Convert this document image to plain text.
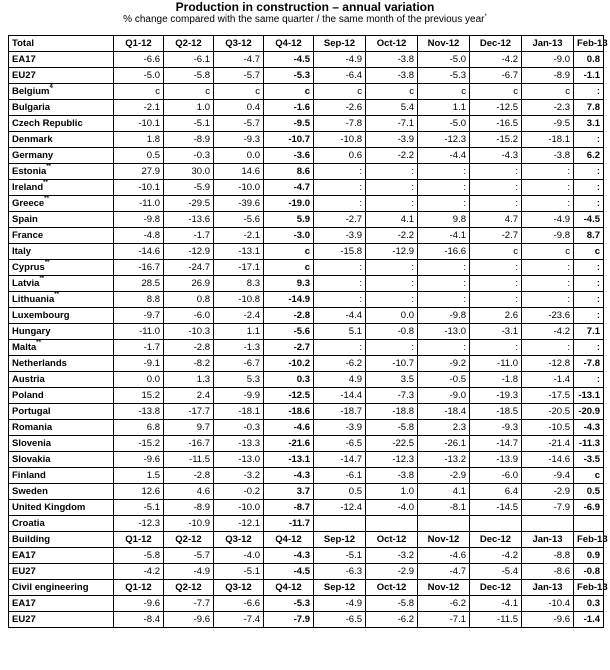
Production in construction – annual variation
% change compared with the same quarter / the same month of the previous year*
Total	Q1-12	Q2-12	Q3-12	Q4-12	Sep-12	Oct-12	Nov-12	Dec-12	Jan-13	Feb-13
EA17	-6.6	-6.1	-4.7	-4.5	-4.9	-3.8	-5.0	-4.2	-9.0	0.8
EU27	-5.0	-5.8	-5.7	-5.3	-6.4	-3.8	-5.3	-6.7	-8.9	-1.1
Belgium$^4$	c	c	c	c	c	c	c	c	c	:
Bulgaria	-2.1	1.0	0.4	-1.6	-2.6	5.4	1.1	-12.5	-2.3	7.8
Czech Republic	-10.1	-5.1	-5.7	-9.5	-7.8	-7.1	-5.0	-16.5	-9.5	3.1
Denmark	1.8	-8.9	-9.3	-10.7	-10.8	-3.9	-12.3	-15.2	-18.1	:
Germany	0.5	-0.3	0.0	-3.6	0.6	-2.2	-4.4	-4.3	-3.8	6.2
Estonia**	27.9	30.0	14.6	8.6	:	:	:	:	:	:
Ireland**	-10.1	-5.9	-10.0	-4.7	:	:	:	:	:	:
Greece**	-11.0	-29.5	-39.6	-19.0	:	:	:	:	:	:
Spain	-9.8	-13.6	-5.6	5.9	-2.7	4.1	9.8	4.7	-4.9	-4.5
France	-4.8	-1.7	-2.1	-3.0	-3.9	-2.2	-4.1	-2.7	-9.8	8.7
Italy	-14.6	-12.9	-13.1	c	-15.8	-12.9	-16.6	c	c	c
Cyprus**	-16.7	-24.7	-17.1	c	:	:	:	:	:	:
Latvia**	28.5	26.9	8.3	9.3	:	:	:	:	:	:
Lithuania**	8.8	0.8	-10.8	-14.9	:	:	:	:	:	:
Luxembourg	-9.7	-6.0	-2.4	-2.8	-4.4	0.0	-9.8	2.6	-23.6	:
Hungary	-11.0	-10.3	1.1	-5.6	5.1	-0.8	-13.0	-3.1	-4.2	7.1
Malta**	-1.7	-2.8	-1.3	-2.7	:	:	:	:	:	:
Netherlands	-9.1	-8.2	-6.7	-10.2	-6.2	-10.7	-9.2	-11.0	-12.8	-7.8
Austria	0.0	1.3	5.3	0.3	4.9	3.5	-0.5	-1.8	-1.4	:
Poland	15.2	2.4	-9.9	-12.5	-14.4	-7.3	-9.0	-19.3	-17.5	-13.1
Portugal	-13.8	-17.7	-18.1	-18.6	-18.7	-18.8	-18.4	-18.5	-20.5	-20.9
Romania	6.8	9.7	-0.3	-4.6	-3.9	-5.8	2.3	-9.3	-10.5	-4.3
Slovenia	-15.2	-16.7	-13.3	-21.6	-6.5	-22.5	-26.1	-14.7	-21.4	-11.3
Slovakia	-9.6	-11.5	-13.0	-13.1	-14.7	-12.3	-13.2	-13.9	-14.6	-3.5
Finland	1.5	-2.8	-3.2	-4.3	-6.1	-3.8	-2.9	-6.0	-9.4	c
Sweden	12.6	4.6	-0.2	3.7	0.5	1.0	4.1	6.4	-2.9	0.5
United Kingdom	-5.1	-8.9	-10.0	-8.7	-12.4	-4.0	-8.1	-14.5	-7.9	-6.9
Croatia	-12.3	-10.9	-12.1	-11.7						
Building	Q1-12	Q2-12	Q3-12	Q4-12	Sep-12	Oct-12	Nov-12	Dec-12	Jan-13	Feb-13
EA17	-5.8	-5.7	-4.0	-4.3	-5.1	-3.2	-4.6	-4.2	-8.8	0.9
EU27	-4.2	-4.9	-5.1	-4.5	-6.3	-2.9	-4.7	-5.4	-8.6	-0.8
Civil engineering	Q1-12	Q2-12	Q3-12	Q4-12	Sep-12	Oct-12	Nov-12	Dec-12	Jan-13	Feb-13
EA17	-9.6	-7.7	-6.6	-5.3	-4.9	-5.8	-6.2	-4.1	-10.4	0.3
EU27	-8.4	-9.6	-7.4	-7.9	-6.5	-6.2	-7.1	-11.5	-9.6	-1.4
